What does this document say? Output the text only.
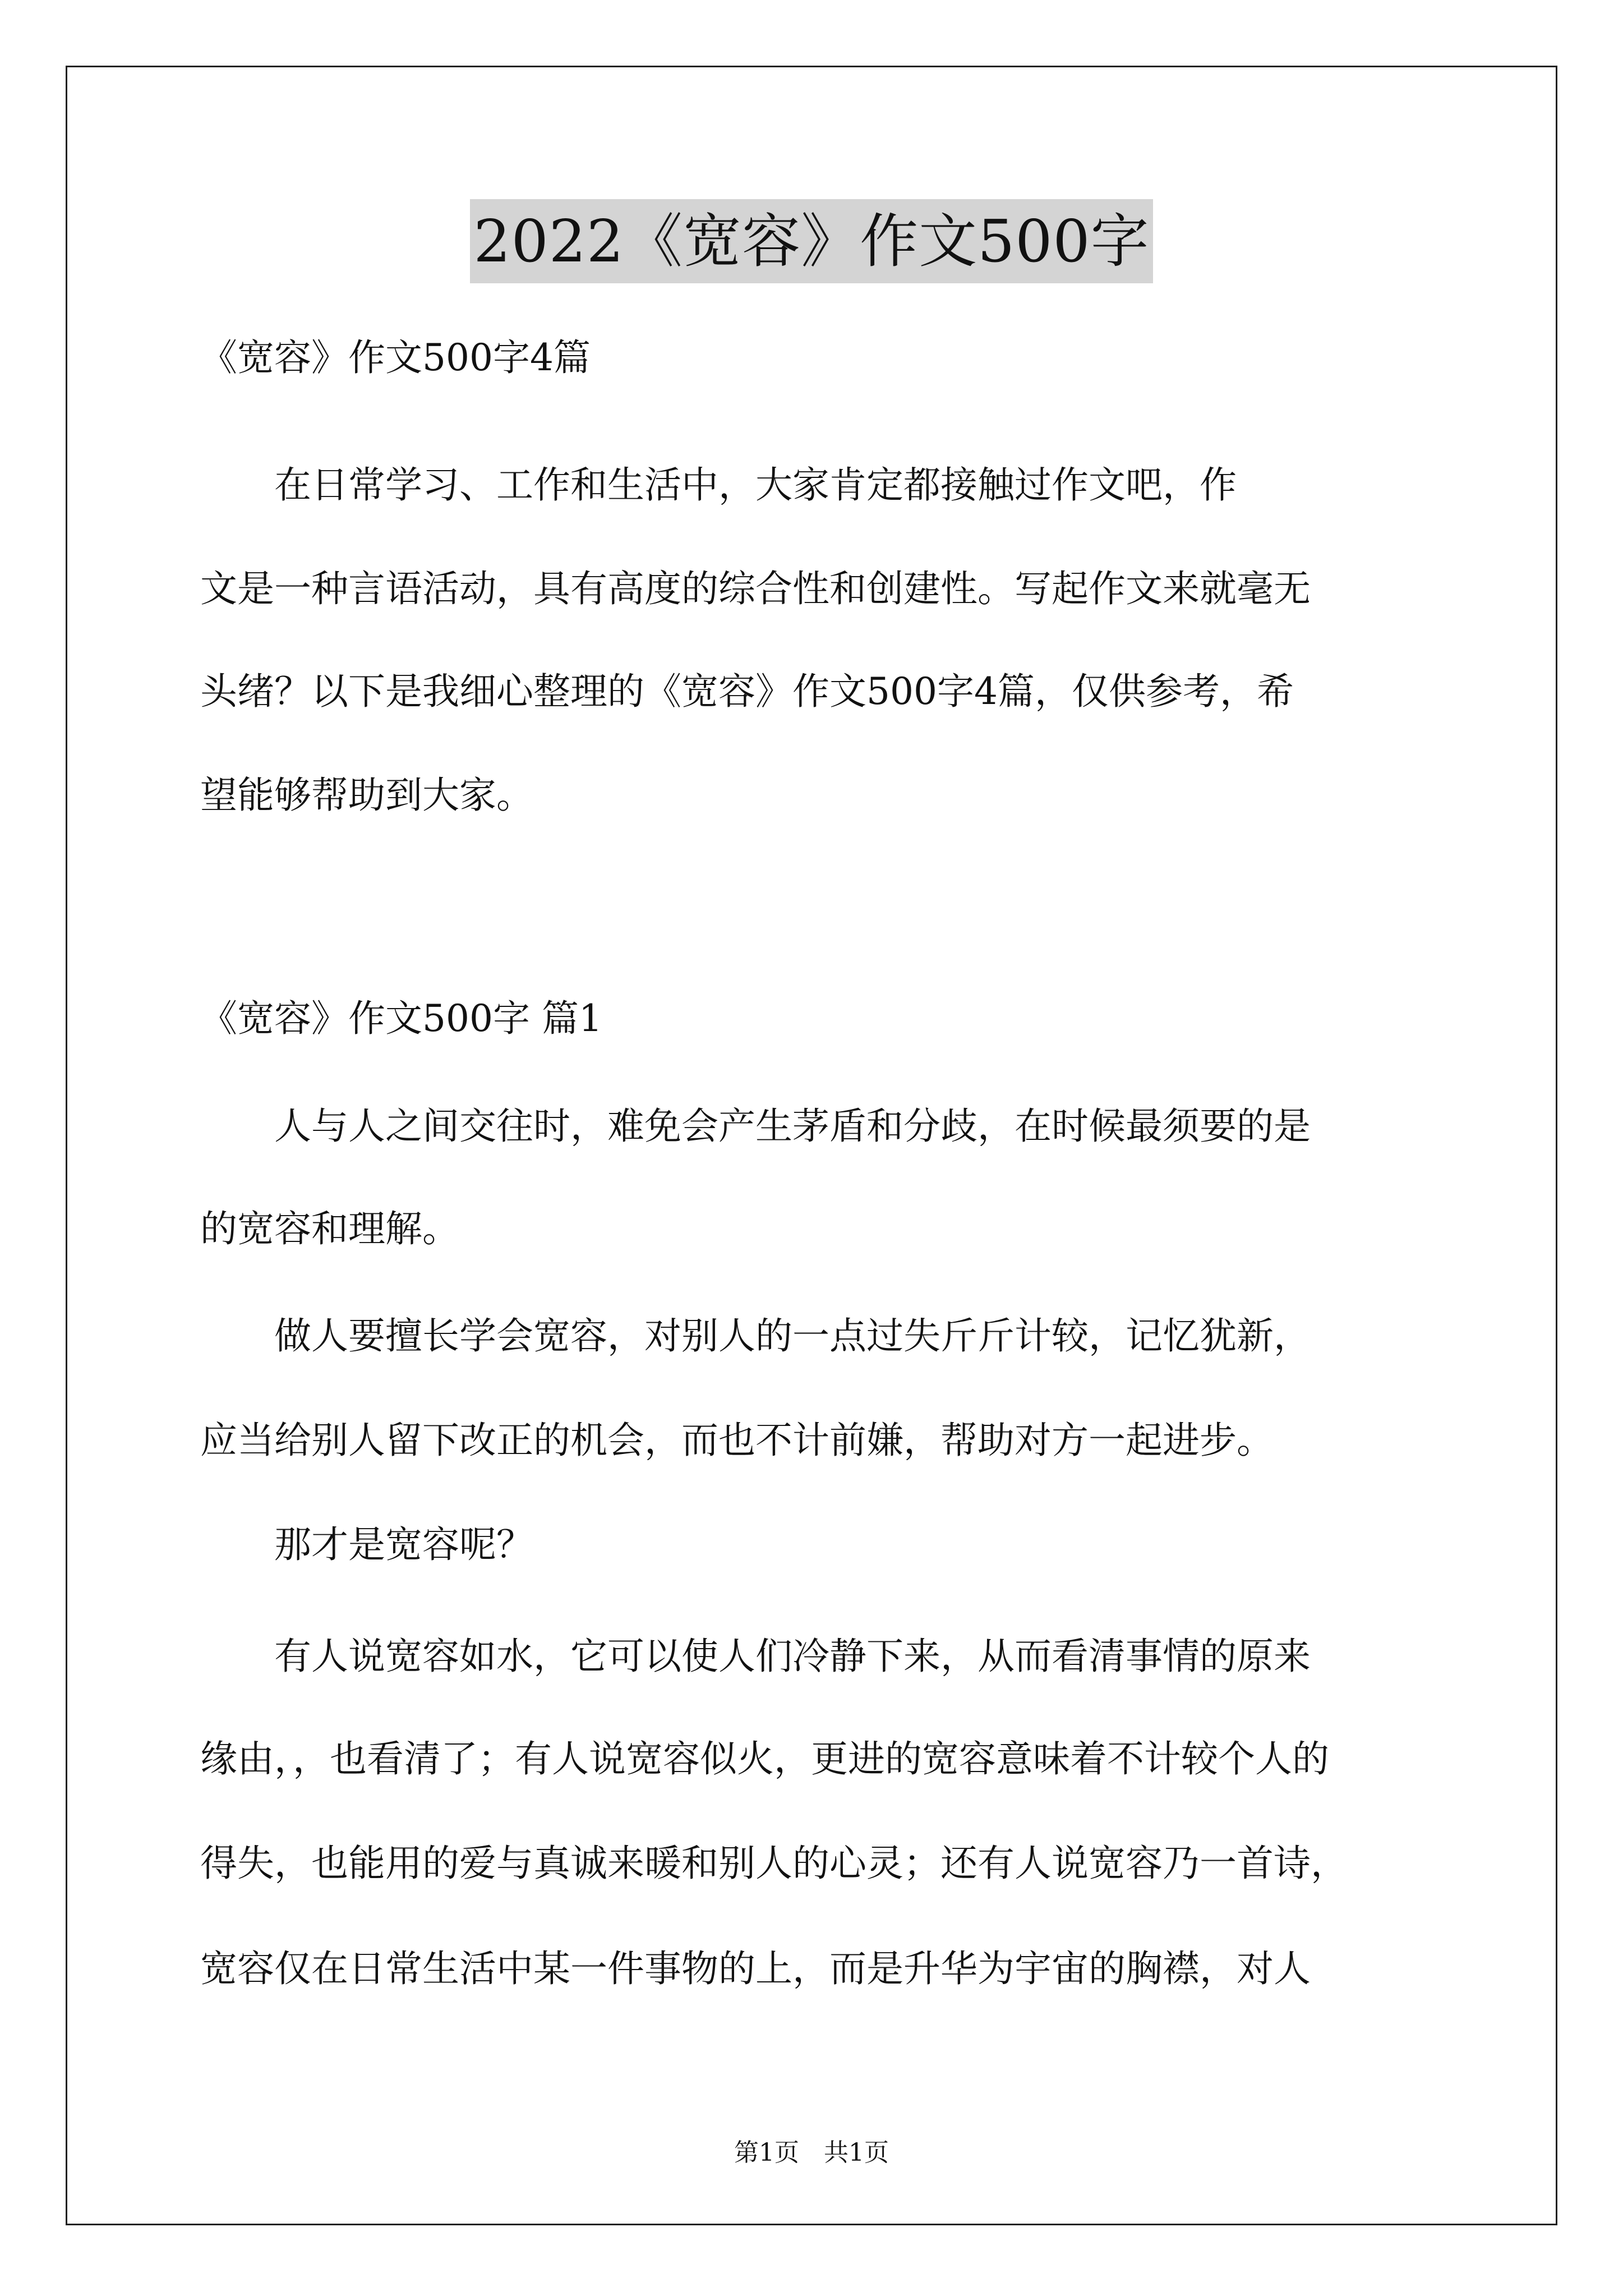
2022《宽容》作文500字
《宽容》作文500字4篇
　　在日常学习、工作和生活中，大家肯定都接触过作文吧，作
文是一种言语活动，具有高度的综合性和创建性。写起作文来就毫无
头绪？以下是我细心整理的《宽容》作文500字4篇，仅供参考，希
望能够帮助到大家。
《宽容》作文500字 篇1
　　人与人之间交往时，难免会产生茅盾和分歧，在时候最须要的是
的宽容和理解。
　　做人要擅长学会宽容，对别人的一点过失斤斤计较，记忆犹新，
应当给别人留下改正的机会，而也不计前嫌，帮助对方一起进步。
　　那才是宽容呢？
　　有人说宽容如水，它可以使人们冷静下来，从而看清事情的原来
缘由，，也看清了；有人说宽容似火，更进的宽容意味着不计较个人的
得失，也能用的爱与真诚来暖和别人的心灵；还有人说宽容乃一首诗，
宽容仅在日常生活中某一件事物的上，而是升华为宇宙的胸襟，对人
第1页　共1页
